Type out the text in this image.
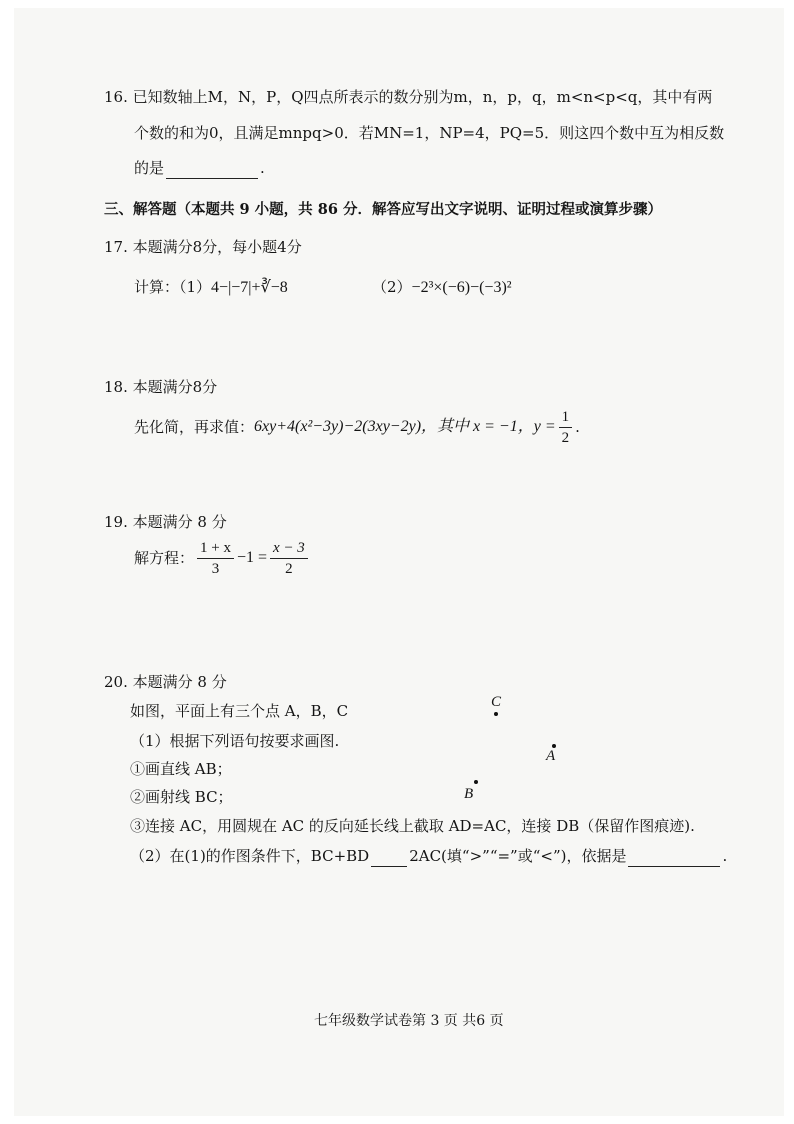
16. 已知数轴上M，N，P，Q四点所表示的数分别为m，n，p，q，m<n<p<q，其中有两
个数的和为0，且满足mnpq>0．若MN=1，NP=4，PQ=5．则这四个数中互为相反数
的是	.
三、解答题（本题共 9 小题，共 86 分．解答应写出文字说明、证明过程或演算步骤）
17. 本题满分8分，每小题4分
计算：（1）4−|−7|+∛−8	（2）−2³×(−6)−(−3)²
18. 本题满分8分
先化简，再求值： 6xy+4(x²−3y)−2(3xy−2y) ，其中 x = −1，$y = \frac{1}{2}$ .
19. 本题满分 8 分
解方程： $\frac{1 + x}{3} -1 = \frac{x - 3}{2}$
20. 本题满分 8 分
如图，平面上有三个点 A，B，C
（1）根据下列语句按要求画图.
①画直线 AB；
②画射线 BC；
③连接 AC，用圆规在 AC 的反向延长线上截取 AD=AC，连接 DB（保留作图痕迹).
（2）在(1)的作图条件下，BC+BD	2AC(填“>”“=”或“<”)，依据是	.
C
A
B
七年级数学试卷第 3 页 共6 页
